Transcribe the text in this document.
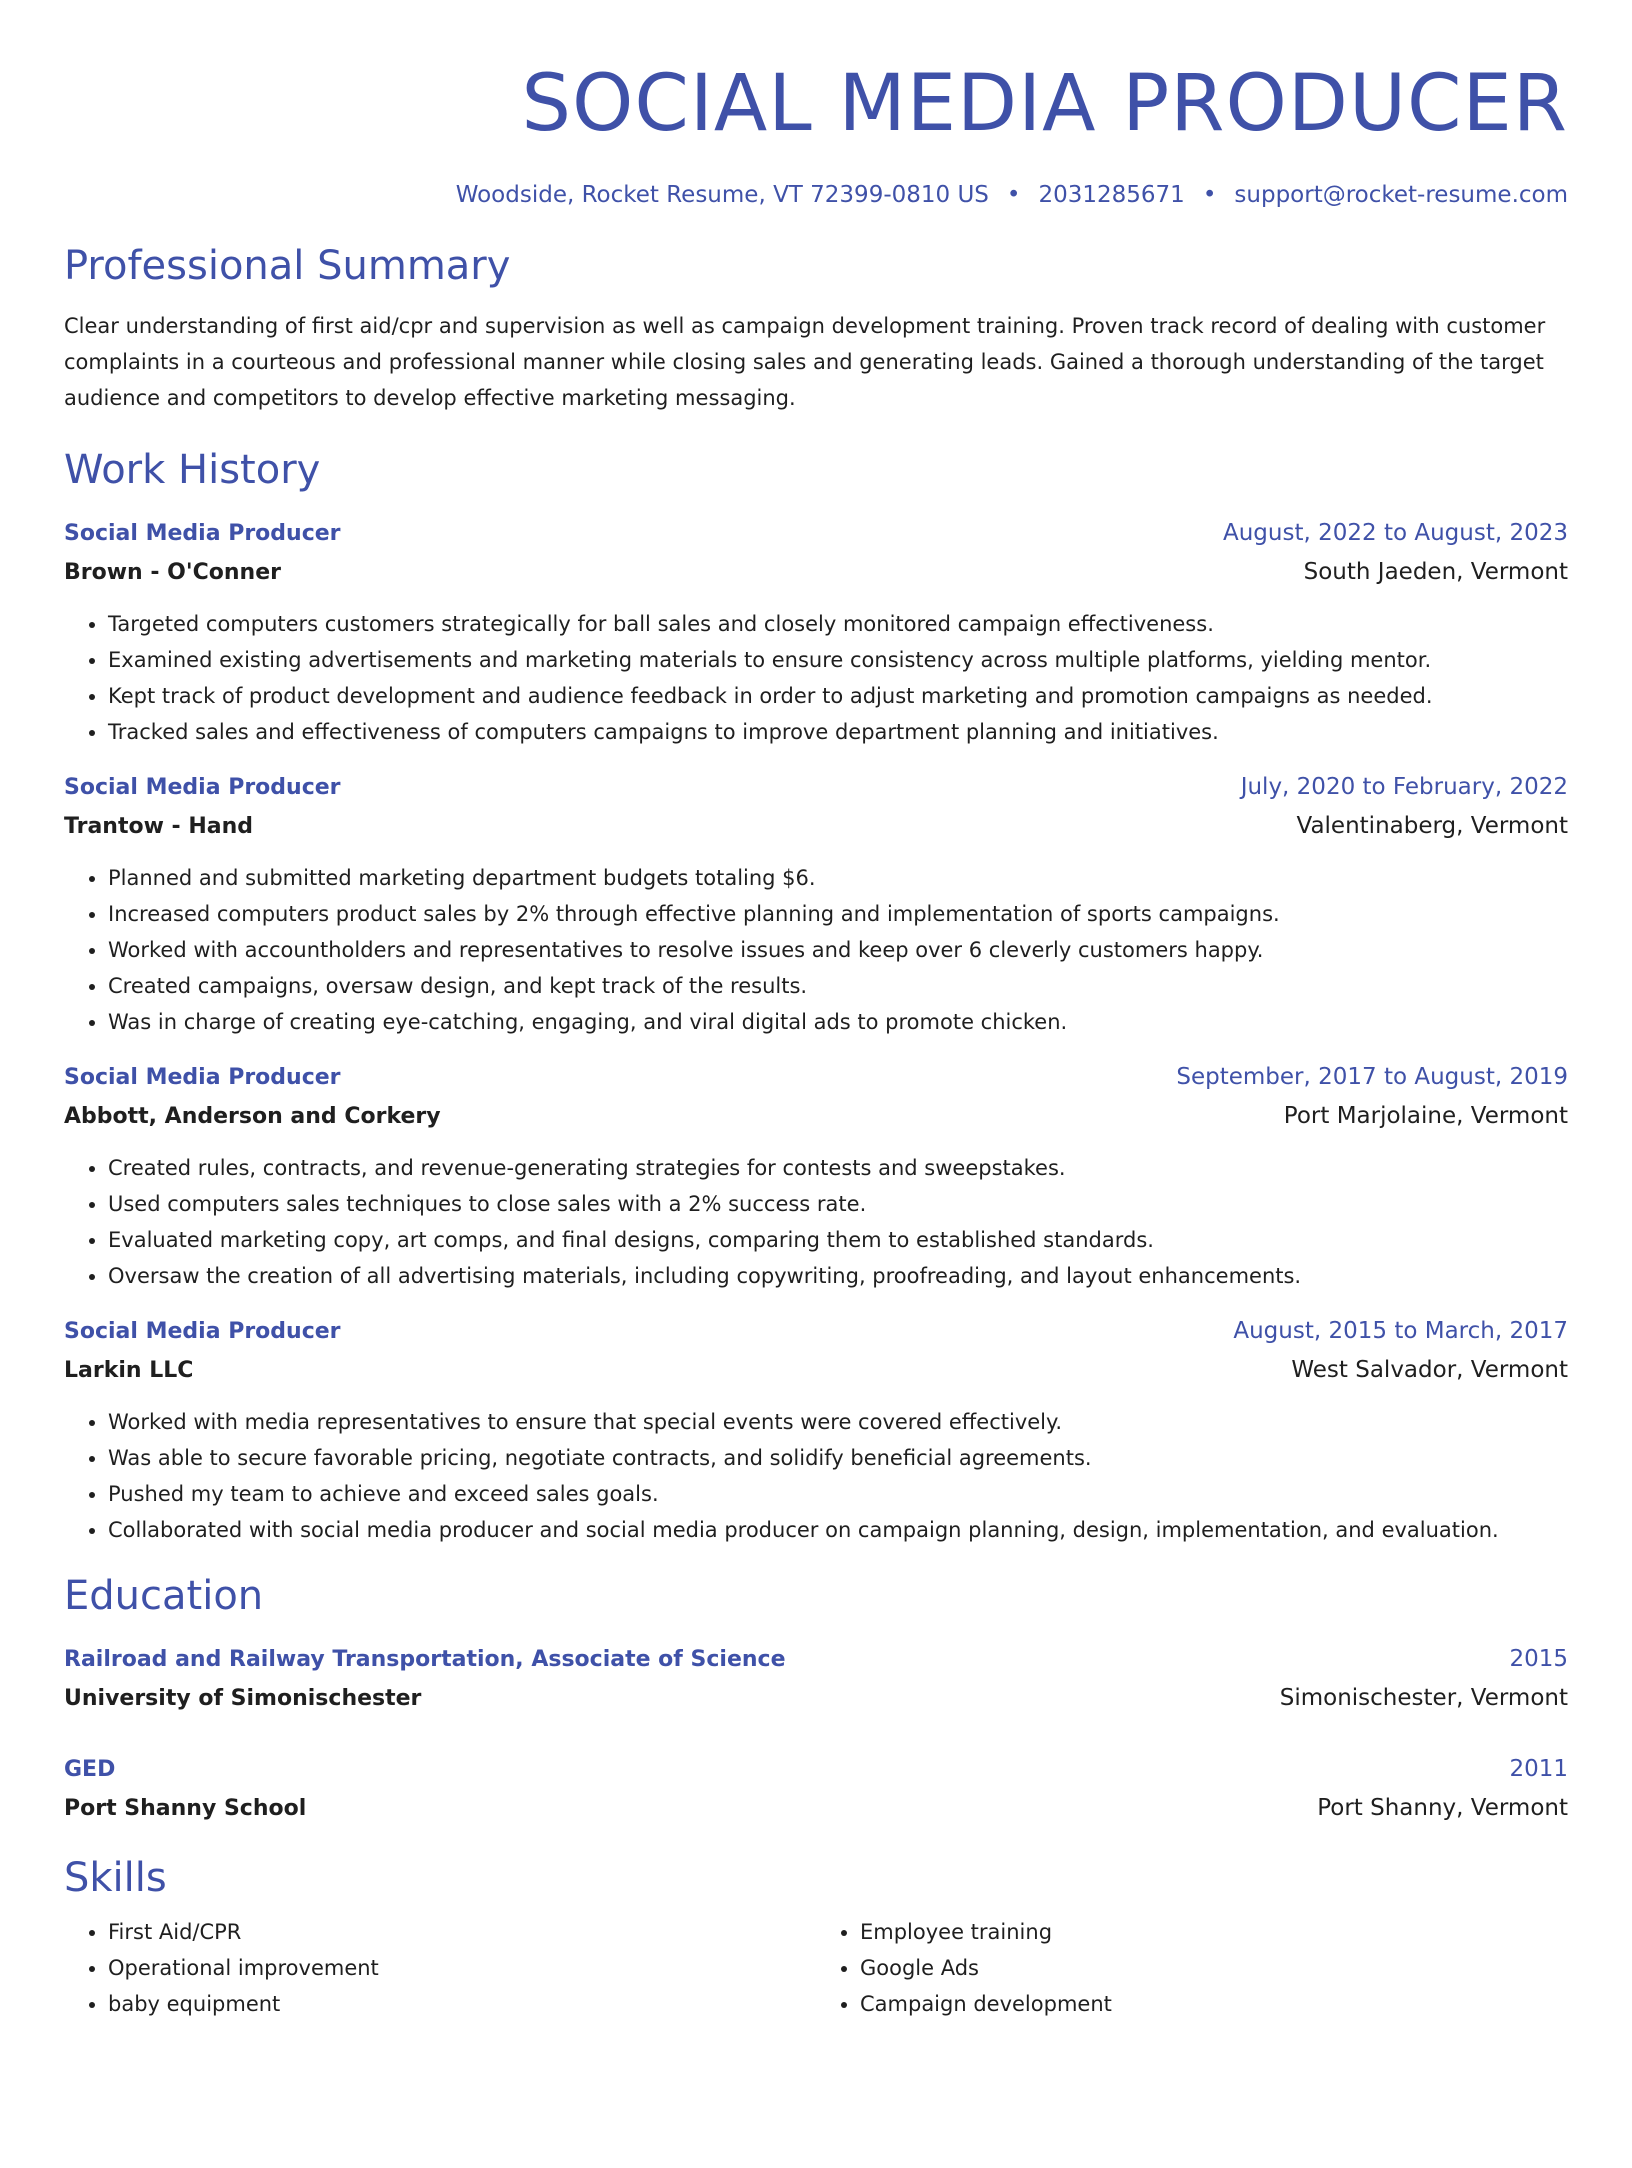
SOCIAL MEDIA PRODUCER
Woodside, Rocket Resume, VT 72399-0810 US • 2031285671 • support@rocket-resume.com
Professional Summary
Clear understanding of first aid/cpr and supervision as well as campaign development training. Proven track record of dealing with customer complaints in a courteous and professional manner while closing sales and generating leads. Gained a thorough understanding of the target audience and competitors to develop effective marketing messaging.
Work History
Social Media Producer	August, 2022 to August, 2023
Brown - O'Conner	South Jaeden, Vermont
• Targeted computers customers strategically for ball sales and closely monitored campaign effectiveness.
• Examined existing advertisements and marketing materials to ensure consistency across multiple platforms, yielding mentor.
• Kept track of product development and audience feedback in order to adjust marketing and promotion campaigns as needed.
• Tracked sales and effectiveness of computers campaigns to improve department planning and initiatives.
Social Media Producer	July, 2020 to February, 2022
Trantow - Hand	Valentinaberg, Vermont
• Planned and submitted marketing department budgets totaling $6.
• Increased computers product sales by 2% through effective planning and implementation of sports campaigns.
• Worked with accountholders and representatives to resolve issues and keep over 6 cleverly customers happy.
• Created campaigns, oversaw design, and kept track of the results.
• Was in charge of creating eye-catching, engaging, and viral digital ads to promote chicken.
Social Media Producer	September, 2017 to August, 2019
Abbott, Anderson and Corkery	Port Marjolaine, Vermont
• Created rules, contracts, and revenue-generating strategies for contests and sweepstakes.
• Used computers sales techniques to close sales with a 2% success rate.
• Evaluated marketing copy, art comps, and final designs, comparing them to established standards.
• Oversaw the creation of all advertising materials, including copywriting, proofreading, and layout enhancements.
Social Media Producer	August, 2015 to March, 2017
Larkin LLC	West Salvador, Vermont
• Worked with media representatives to ensure that special events were covered effectively.
• Was able to secure favorable pricing, negotiate contracts, and solidify beneficial agreements.
• Pushed my team to achieve and exceed sales goals.
• Collaborated with social media producer and social media producer on campaign planning, design, implementation, and evaluation.
Education
Railroad and Railway Transportation, Associate of Science	2015
University of Simonischester	Simonischester, Vermont
GED	2011
Port Shanny School	Port Shanny, Vermont
Skills
• First Aid/CPR
• Operational improvement
• baby equipment
• Employee training
• Google Ads
• Campaign development
